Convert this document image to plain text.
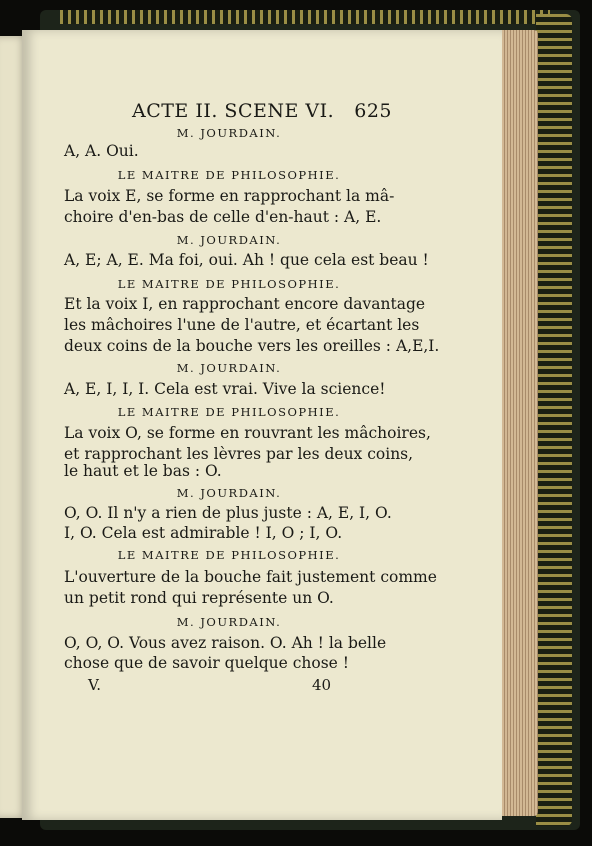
ACTE II. SCENE VI. 625
M. JOURDAIN.
A, A. Oui.
LE MAITRE DE PHILOSOPHIE.
La voix E, se forme en rapprochant la mâ-
choire d'en-bas de celle d'en-haut : A, E.
M. JOURDAIN.
A, E; A, E. Ma foi, oui. Ah ! que cela est beau !
LE MAITRE DE PHILOSOPHIE.
Et la voix I, en rapprochant encore davantage
les mâchoires l'une de l'autre, et écartant les
deux coins de la bouche vers les oreilles : A,E,I.
M. JOURDAIN.
A, E, I, I, I. Cela est vrai. Vive la science!
LE MAITRE DE PHILOSOPHIE.
La voix O, se forme en rouvrant les mâchoires,
et rapprochant les lèvres par les deux coins,
le haut et le bas : O.
M. JOURDAIN.
O, O. Il n'y a rien de plus juste : A, E, I, O.
I, O. Cela est admirable ! I, O ; I, O.
LE MAITRE DE PHILOSOPHIE.
L'ouverture de la bouche fait justement comme
un petit rond qui représente un O.
M. JOURDAIN.
O, O, O. Vous avez raison. O. Ah ! la belle
chose que de savoir quelque chose !
V.	40
